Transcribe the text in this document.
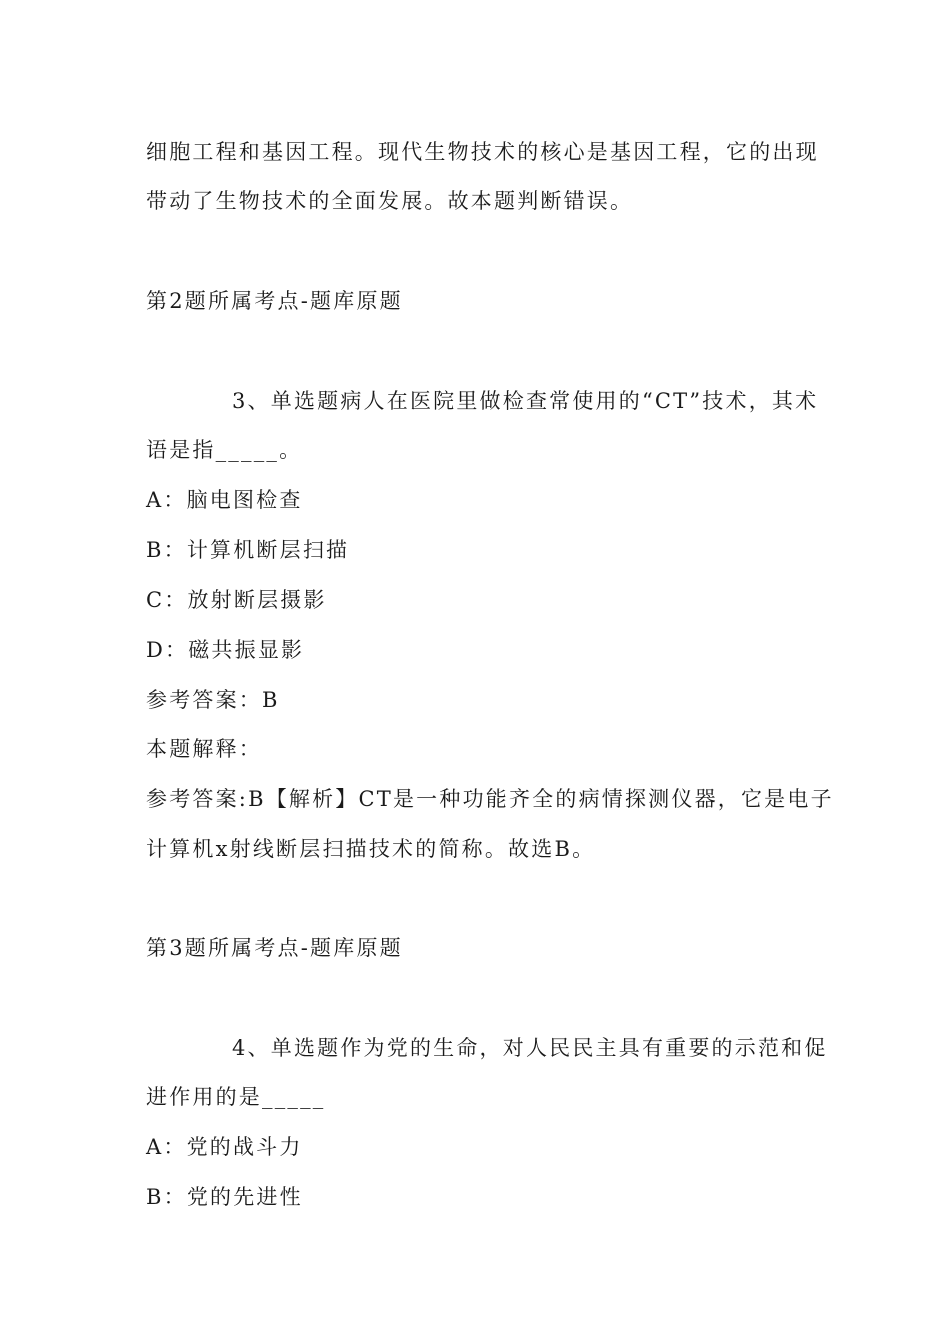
细胞工程和基因工程。现代生物技术的核心是基因工程，它的出现
带动了生物技术的全面发展。故本题判断错误。
第2题所属考点-题库原题
3、单选题病人在医院里做检查常使用的“CT”技术，其术
语是指_____。
A：脑电图检查
B：计算机断层扫描
C：放射断层摄影
D：磁共振显影
参考答案：B
本题解释：
参考答案:B【解析】CT是一种功能齐全的病情探测仪器，它是电子
计算机x射线断层扫描技术的简称。故选B。
第3题所属考点-题库原题
4、单选题作为党的生命，对人民民主具有重要的示范和促
进作用的是_____
A：党的战斗力
B：党的先进性
